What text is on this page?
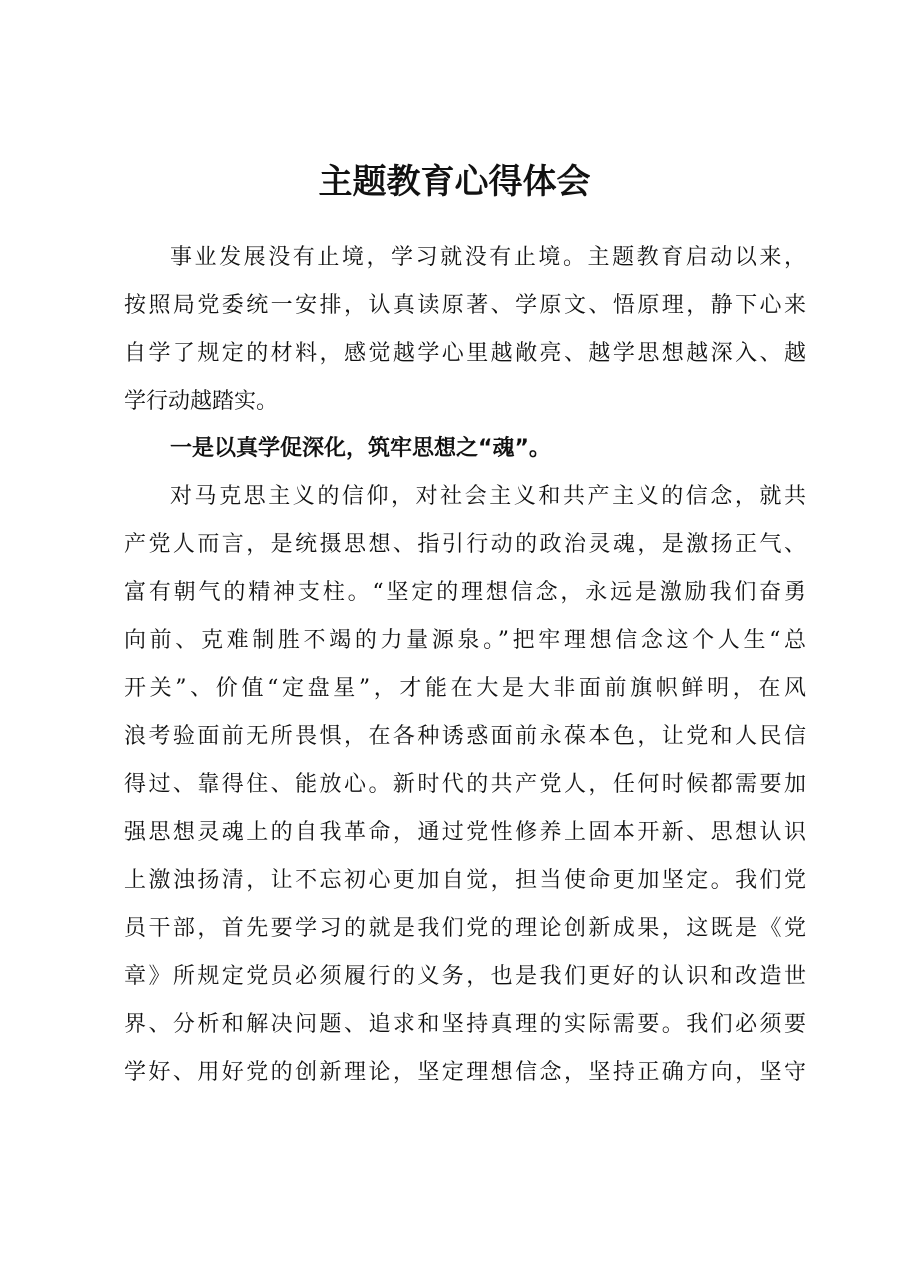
主题教育心得体会
事业发展没有止境，学习就没有止境。主题教育启动以来，
按照局党委统一安排，认真读原著、学原文、悟原理，静下心来
自学了规定的材料，感觉越学心里越敞亮、越学思想越深入、越
学行动越踏实。
一是以真学促深化，筑牢思想之“魂”。
对马克思主义的信仰，对社会主义和共产主义的信念，就共
产党人而言，是统摄思想、指引行动的政治灵魂，是激扬正气、
富有朝气的精神支柱。“坚定的理想信念，永远是激励我们奋勇
向前、克难制胜不竭的力量源泉。”把牢理想信念这个人生“总
开关”、价值“定盘星”，才能在大是大非面前旗帜鲜明，在风
浪考验面前无所畏惧，在各种诱惑面前永葆本色，让党和人民信
得过、靠得住、能放心。新时代的共产党人，任何时候都需要加
强思想灵魂上的自我革命，通过党性修养上固本开新、思想认识
上激浊扬清，让不忘初心更加自觉，担当使命更加坚定。我们党
员干部，首先要学习的就是我们党的理论创新成果，这既是《党
章》所规定党员必须履行的义务，也是我们更好的认识和改造世
界、分析和解决问题、追求和坚持真理的实际需要。我们必须要
学好、用好党的创新理论，坚定理想信念，坚持正确方向，坚守
